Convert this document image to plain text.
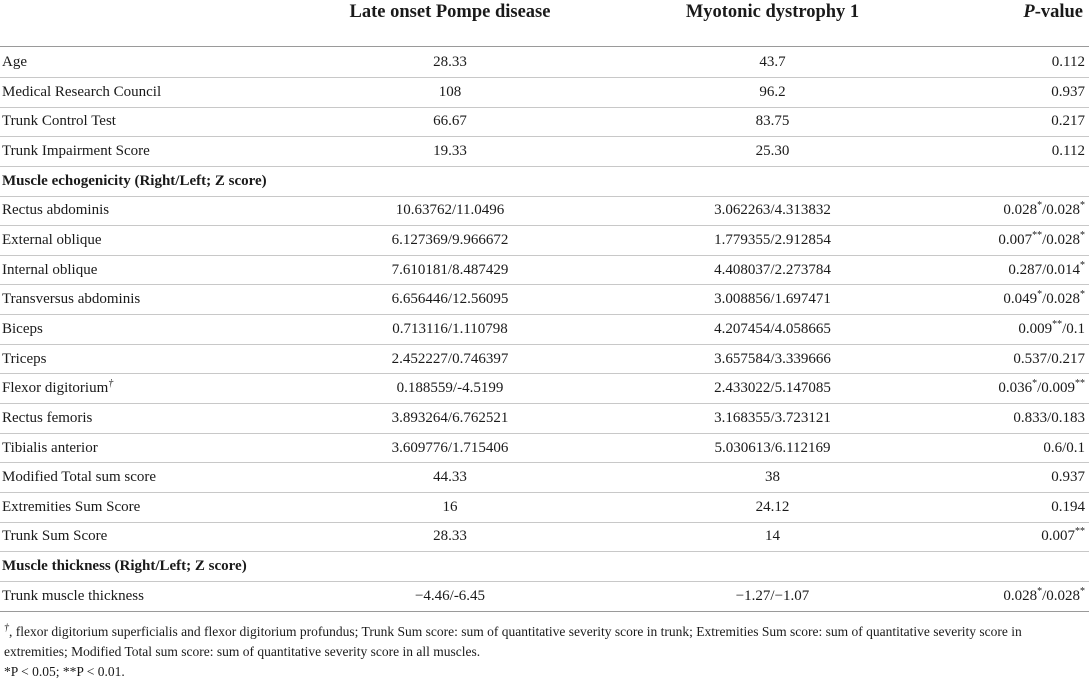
	Late onset Pompe disease	Myotonic dystrophy 1	P-value
Age	28.33	43.7	0.112
Medical Research Council	108	96.2	0.937
Trunk Control Test	66.67	83.75	0.217
Trunk Impairment Score	19.33	25.30	0.112
Muscle echogenicity (Right/Left; Z score)			
Rectus abdominis	10.63762/11.0496	3.062263/4.313832	0.028*/0.028*
External oblique	6.127369/9.966672	1.779355/2.912854	0.007**/0.028*
Internal oblique	7.610181/8.487429	4.408037/2.273784	0.287/0.014*
Transversus abdominis	6.656446/12.56095	3.008856/1.697471	0.049*/0.028*
Biceps	0.713116/1.110798	4.207454/4.058665	0.009**/0.1
Triceps	2.452227/0.746397	3.657584/3.339666	0.537/0.217
Flexor digitorium†	0.188559/-4.5199	2.433022/5.147085	0.036*/0.009**
Rectus femoris	3.893264/6.762521	3.168355/3.723121	0.833/0.183
Tibialis anterior	3.609776/1.715406	5.030613/6.112169	0.6/0.1
Modified Total sum score	44.33	38	0.937
Extremities Sum Score	16	24.12	0.194
Trunk Sum Score	28.33	14	0.007**
Muscle thickness (Right/Left; Z score)			
Trunk muscle thickness	−4.46/-6.45	−1.27/−1.07	0.028*/0.028*

†, flexor digitorium superficialis and flexor digitorium profundus; Trunk Sum score: sum of quantitative severity score in trunk; Extremities Sum score: sum of quantitative severity score in extremities; Modified Total sum score: sum of quantitative severity score in all muscles.

*P < 0.05; **P < 0.01.
